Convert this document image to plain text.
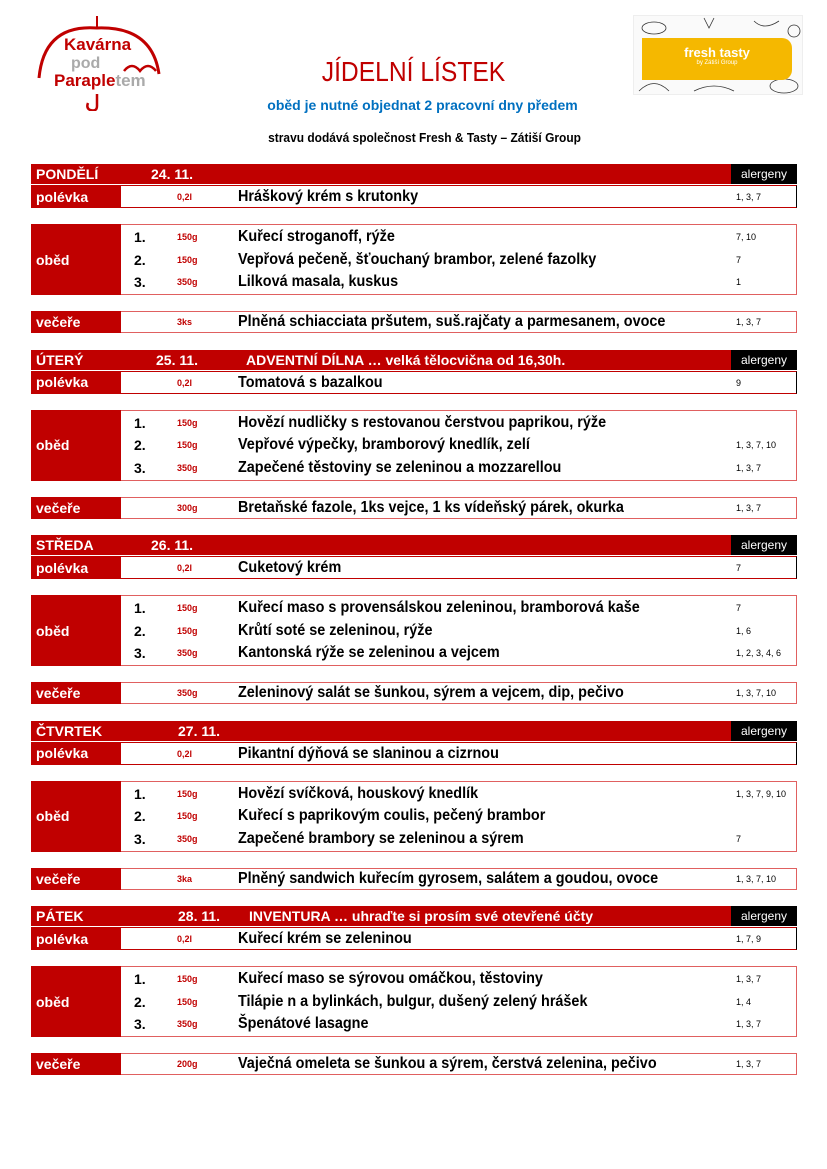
Kavárna
pod
Parapletem
fresh tasty
by Zátiší Group
JÍDELNÍ LÍSTEK
oběd je nutné objednat 2 pracovní dny předem
stravu dodává společnost Fresh & Tasty – Zátiší Group
PONDĚLÍ	24. 11.	alergeny
polévka	0,2l	Hráškový krém s krutonky	1, 3, 7
oběd
1.	150g	Kuřecí stroganoff, rýže	7, 10
2.	150g	Vepřová pečeně, šťouchaný brambor, zelené fazolky	7
3.	350g	Lilková masala, kuskus	1
večeře	3ks	Plněná schiacciata pršutem, suš.rajčaty a parmesanem, ovoce	1, 3, 7
ÚTERÝ	25. 11.	ADVENTNÍ DÍLNA … velká tělocvična od 16,30h.	alergeny
polévka	0,2l	Tomatová s bazalkou	9
oběd
1.	150g	Hovězí nudličky s restovanou čerstvou paprikou, rýže
2.	150g	Vepřové výpečky, bramborový knedlík, zelí	1, 3, 7, 10
3.	350g	Zapečené těstoviny se zeleninou a mozzarellou	1, 3, 7
večeře	300g	Bretaňské fazole, 1ks vejce, 1 ks vídeňský párek, okurka	1, 3, 7
STŘEDA	26. 11.	alergeny
polévka	0,2l	Cuketový krém	7
oběd
1.	150g	Kuřecí maso s provensálskou zeleninou, bramborová kaše	7
2.	150g	Krůtí soté se zeleninou, rýže	1, 6
3.	350g	Kantonská rýže se zeleninou a vejcem	1, 2, 3, 4, 6
večeře	350g	Zeleninový salát se šunkou, sýrem a vejcem, dip, pečivo	1, 3, 7, 10
ČTVRTEK	27. 11.	alergeny
polévka	0,2l	Pikantní dýňová se slaninou a cizrnou
oběd
1.	150g	Hovězí svíčková, houskový knedlík	1, 3, 7, 9, 10
2.	150g	Kuřecí s paprikovým coulis, pečený brambor
3.	350g	Zapečené brambory se zeleninou a sýrem	7
večeře	3ka	Plněný sandwich kuřecím gyrosem, salátem a goudou, ovoce	1, 3, 7, 10
PÁTEK	28. 11. INVENTURA … uhraďte si prosím své otevřené účty	alergeny
polévka	0,2l	Kuřecí krém se zeleninou	1, 7, 9
oběd
1.	150g	Kuřecí maso se sýrovou omáčkou, těstoviny	1, 3, 7
2.	150g	Tilápie n a bylinkách, bulgur, dušený zelený hrášek	1, 4
3.	350g	Špenátové lasagne	1, 3, 7
večeře	200g	Vaječná omeleta se šunkou a sýrem, čerstvá zelenina, pečivo	1, 3, 7
